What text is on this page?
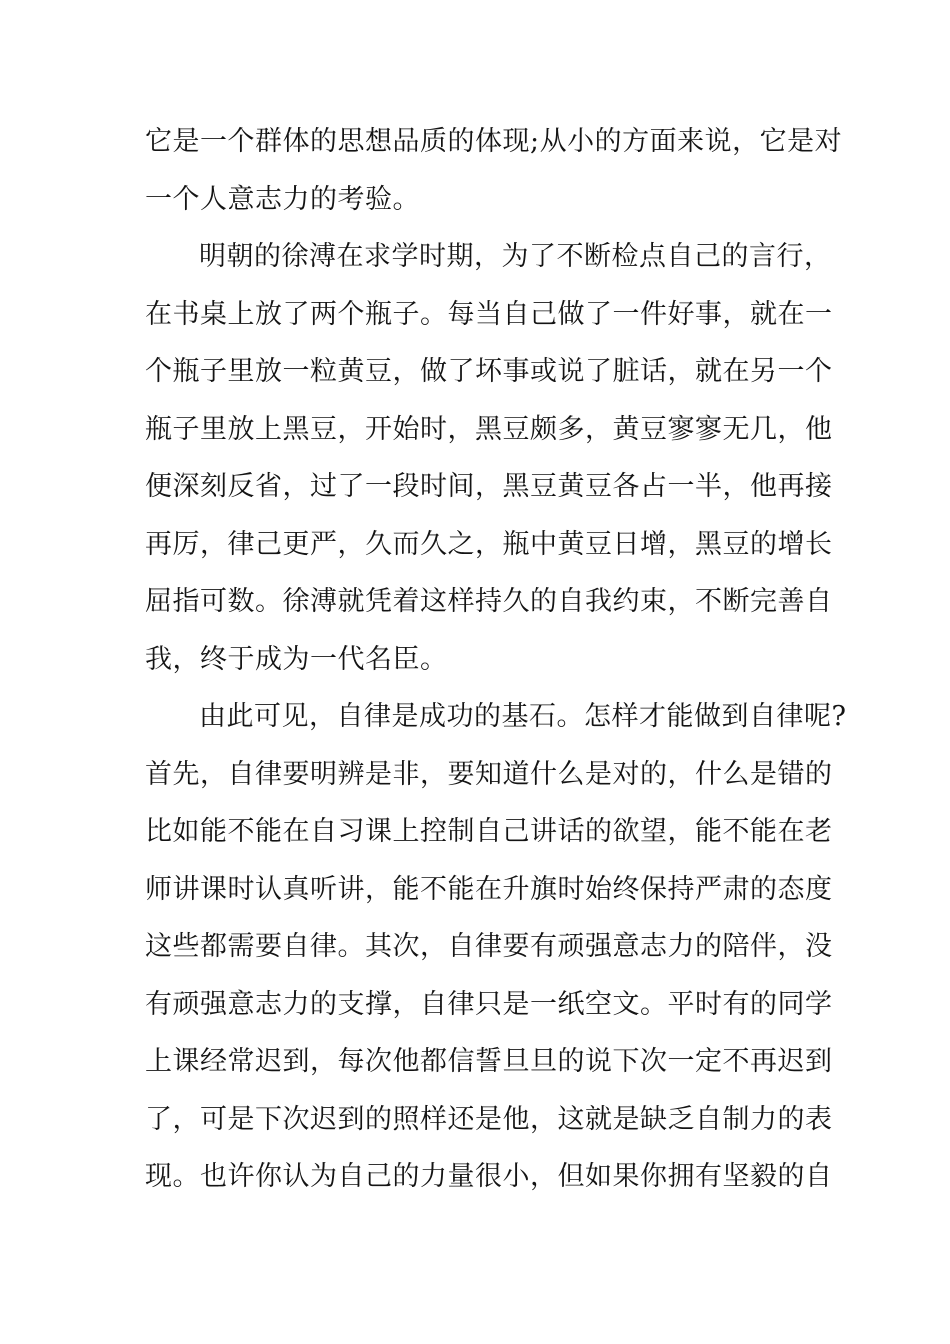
它是一个群体的思想品质的体现;从小的方面来说，它是对
一个人意志力的考验。
明朝的徐溥在求学时期，为了不断检点自己的言行，
在书桌上放了两个瓶子。每当自己做了一件好事，就在一
个瓶子里放一粒黄豆，做了坏事或说了脏话，就在另一个
瓶子里放上黑豆，开始时，黑豆颇多，黄豆寥寥无几，他
便深刻反省，过了一段时间，黑豆黄豆各占一半，他再接
再厉，律己更严，久而久之，瓶中黄豆日增，黑豆的增长
屈指可数。徐溥就凭着这样持久的自我约束，不断完善自
我，终于成为一代名臣。
由此可见，自律是成功的基石。怎样才能做到自律呢?
首先，自律要明辨是非，要知道什么是对的，什么是错的
比如能不能在自习课上控制自己讲话的欲望，能不能在老
师讲课时认真听讲，能不能在升旗时始终保持严肃的态度
这些都需要自律。其次，自律要有顽强意志力的陪伴，没
有顽强意志力的支撑，自律只是一纸空文。平时有的同学
上课经常迟到，每次他都信誓旦旦的说下次一定不再迟到
了，可是下次迟到的照样还是他，这就是缺乏自制力的表
现。也许你认为自己的力量很小，但如果你拥有坚毅的自
